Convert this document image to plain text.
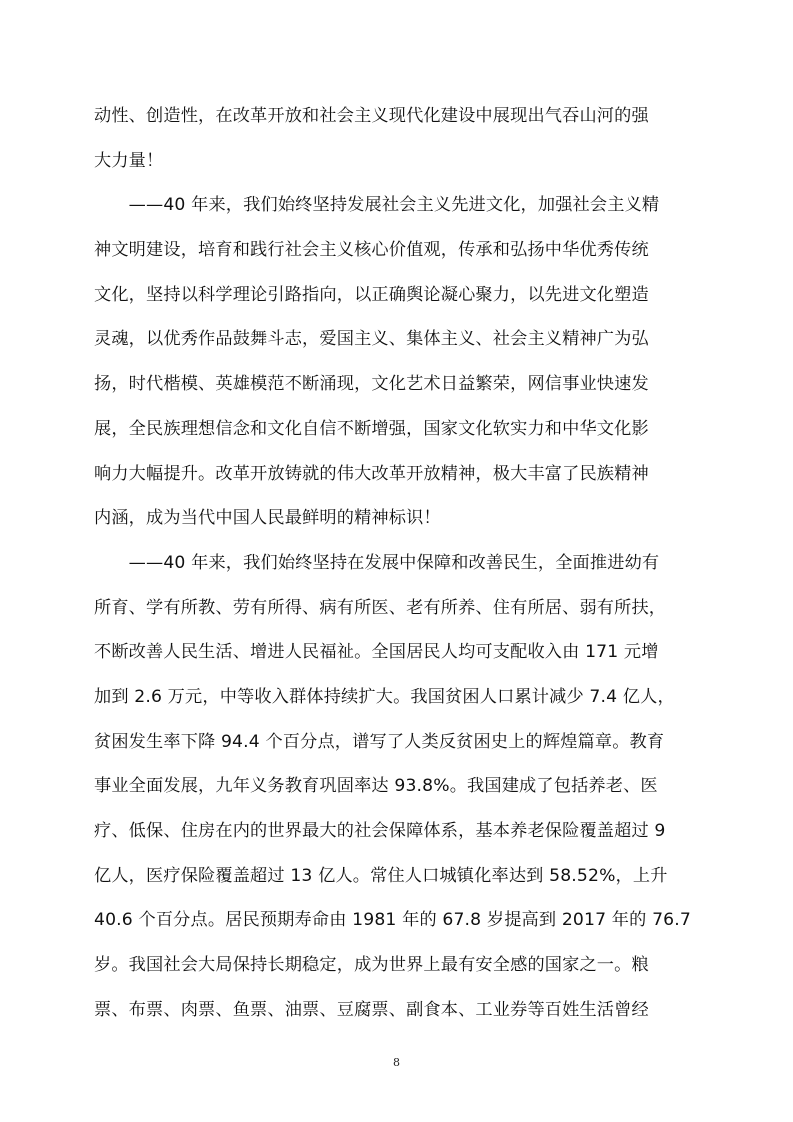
动性、创造性，在改革开放和社会主义现代化建设中展现出气吞山河的强
大力量！
　　——40 年来，我们始终坚持发展社会主义先进文化，加强社会主义精
神文明建设，培育和践行社会主义核心价值观，传承和弘扬中华优秀传统
文化，坚持以科学理论引路指向，以正确舆论凝心聚力，以先进文化塑造
灵魂，以优秀作品鼓舞斗志，爱国主义、集体主义、社会主义精神广为弘
扬，时代楷模、英雄模范不断涌现，文化艺术日益繁荣，网信事业快速发
展，全民族理想信念和文化自信不断增强，国家文化软实力和中华文化影
响力大幅提升。改革开放铸就的伟大改革开放精神，极大丰富了民族精神
内涵，成为当代中国人民最鲜明的精神标识！
　　——40 年来，我们始终坚持在发展中保障和改善民生，全面推进幼有
所育、学有所教、劳有所得、病有所医、老有所养、住有所居、弱有所扶，
不断改善人民生活、增进人民福祉。全国居民人均可支配收入由 171 元增
加到 2.6 万元，中等收入群体持续扩大。我国贫困人口累计减少 7.4 亿人，
贫困发生率下降 94.4 个百分点，谱写了人类反贫困史上的辉煌篇章。教育
事业全面发展，九年义务教育巩固率达 93.8%。我国建成了包括养老、医
疗、低保、住房在内的世界最大的社会保障体系，基本养老保险覆盖超过 9
亿人，医疗保险覆盖超过 13 亿人。常住人口城镇化率达到 58.52%，上升
40.6 个百分点。居民预期寿命由 1981 年的 67.8 岁提高到 2017 年的 76.7
岁。我国社会大局保持长期稳定，成为世界上最有安全感的国家之一。粮
票、布票、肉票、鱼票、油票、豆腐票、副食本、工业券等百姓生活曾经
8
